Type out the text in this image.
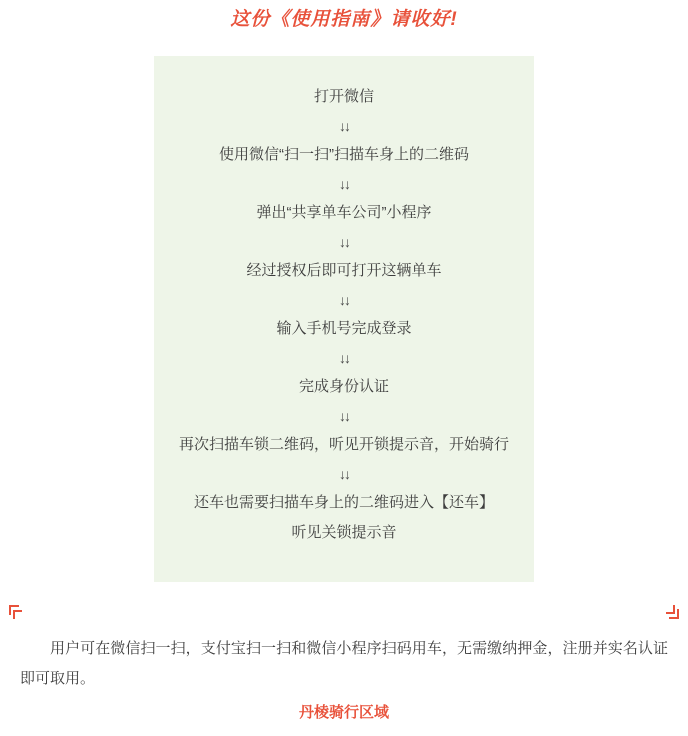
这份《使用指南》请收好!
打开微信
↓↓
使用微信“扫一扫”扫描车身上的二维码
↓↓
弹出“共享单车公司”小程序
↓↓
经过授权后即可打开这辆单车
↓↓
输入手机号完成登录
↓↓
完成身份认证
↓↓
再次扫描车锁二维码，听见开锁提示音，开始骑行
↓↓
还车也需要扫描车身上的二维码进入【还车】
听见关锁提示音
用户可在微信扫一扫，支付宝扫一扫和微信小程序扫码用车，无需缴纳押金，注册并实名认证即可取用。
丹棱骑行区域
